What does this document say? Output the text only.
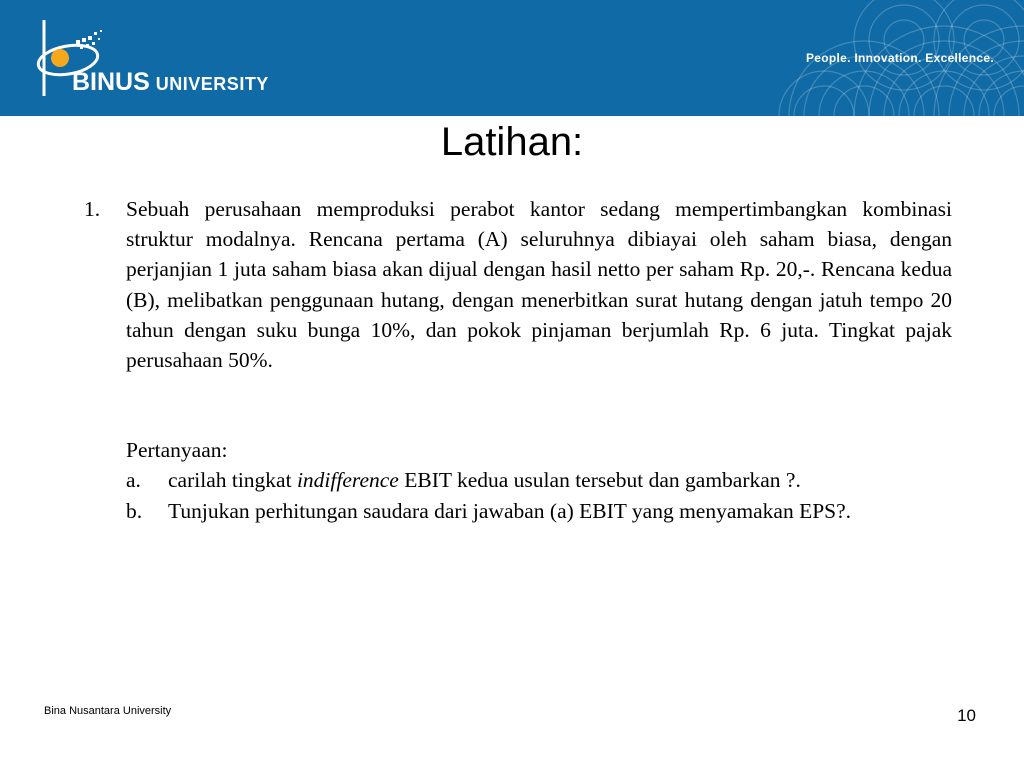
BINUS UNIVERSITY
People. Innovation. Excellence.
Latihan:
1.	Sebuah perusahaan memproduksi perabot kantor sedang mempertimbangkan kombinasi struktur modalnya. Rencana pertama (A) seluruhnya dibiayai oleh saham biasa, dengan perjanjian 1 juta saham biasa akan dijual dengan hasil netto per saham Rp. 20,-. Rencana kedua (B), melibatkan penggunaan hutang, dengan menerbitkan surat hutang dengan jatuh tempo 20 tahun dengan suku bunga 10%, dan pokok pinjaman berjumlah Rp. 6 juta. Tingkat pajak perusahaan 50%.
Pertanyaan:
a.	carilah tingkat indifference EBIT kedua usulan tersebut dan gambarkan ?.
b.	Tunjukan perhitungan saudara dari jawaban (a) EBIT yang menyamakan EPS?.
Bina Nusantara University	10
